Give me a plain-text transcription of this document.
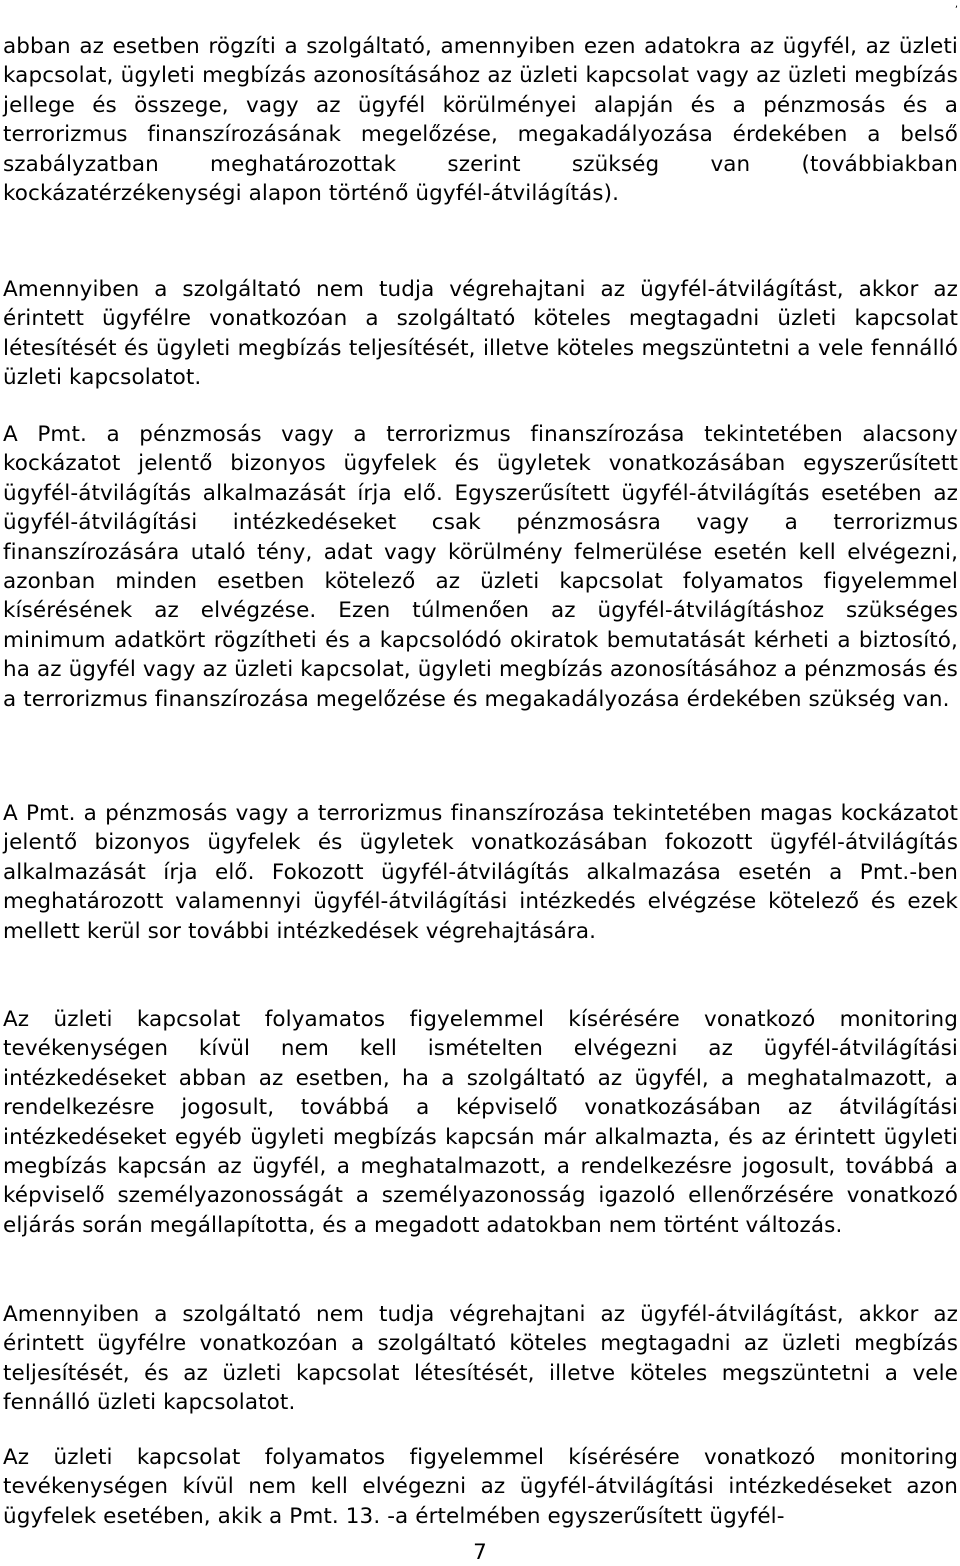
,

abban az esetben rögzíti a szolgáltató, amennyiben ezen adatokra az ügyfél, az üzleti kapcsolat, ügyleti megbízás azonosításához az üzleti kapcsolat vagy az üzleti megbízás jellege és összege, vagy az ügyfél körülményei alapján és a pénzmosás és a terrorizmus finanszírozásának megelőzése, megakadályozása érdekében a belső szabályzatban meghatározottak szerint szükség van (továbbiakban kockázatérzékenységi alapon történő ügyfél-átvilágítás).

Amennyiben a szolgáltató nem tudja végrehajtani az ügyfél-átvilágítást, akkor az érintett ügyfélre vonatkozóan a szolgáltató köteles megtagadni üzleti kapcsolat létesítését és ügyleti megbízás teljesítését, illetve köteles megszüntetni a vele fennálló üzleti kapcsolatot.

A Pmt. a pénzmosás vagy a terrorizmus finanszírozása tekintetében alacsony kockázatot jelentő bizonyos ügyfelek és ügyletek vonatkozásában egyszerűsített ügyfél-átvilágítás alkalmazását írja elő. Egyszerűsített ügyfél-átvilágítás esetében az ügyfél-átvilágítási intézkedéseket csak pénzmosásra vagy a terrorizmus finanszírozására utaló tény, adat vagy körülmény felmerülése esetén kell elvégezni, azonban minden esetben kötelező az üzleti kapcsolat folyamatos figyelemmel kísérésének az elvégzése. Ezen túlmenően az ügyfél-átvilágításhoz szükséges minimum adatkört rögzítheti és a kapcsolódó okiratok bemutatását kérheti a biztosító, ha az ügyfél vagy az üzleti kapcsolat, ügyleti megbízás azonosításához a pénzmosás és a terrorizmus finanszírozása megelőzése és megakadályozása érdekében szükség van.

A Pmt. a pénzmosás vagy a terrorizmus finanszírozása tekintetében magas kockázatot jelentő bizonyos ügyfelek és ügyletek vonatkozásában fokozott ügyfél-átvilágítás alkalmazását írja elő. Fokozott ügyfél-átvilágítás alkalmazása esetén a Pmt.-ben meghatározott valamennyi ügyfél-átvilágítási intézkedés elvégzése kötelező és ezek mellett kerül sor további intézkedések végrehajtására.

Az üzleti kapcsolat folyamatos figyelemmel kísérésére vonatkozó monitoring tevékenységen kívül nem kell ismételten elvégezni az ügyfél-átvilágítási intézkedéseket abban az esetben, ha a szolgáltató az ügyfél, a meghatalmazott, a rendelkezésre jogosult, továbbá a képviselő vonatkozásában az átvilágítási intézkedéseket egyéb ügyleti megbízás kapcsán már alkalmazta, és az érintett ügyleti megbízás kapcsán az ügyfél, a meghatalmazott, a rendelkezésre jogosult, továbbá a képviselő személyazonosságát a személyazonosság igazoló ellenőrzésére vonatkozó eljárás során megállapította, és a megadott adatokban nem történt változás.

Amennyiben a szolgáltató nem tudja végrehajtani az ügyfél-átvilágítást, akkor az érintett ügyfélre vonatkozóan a szolgáltató köteles megtagadni az üzleti megbízás teljesítését, és az üzleti kapcsolat létesítését, illetve köteles megszüntetni a vele fennálló üzleti kapcsolatot.

Az üzleti kapcsolat folyamatos figyelemmel kísérésére vonatkozó monitoring tevékenységen kívül nem kell elvégezni az ügyfél-átvilágítási intézkedéseket azon ügyfelek esetében, akik a Pmt. 13. -a értelmében egyszerűsített ügyfél-

7
